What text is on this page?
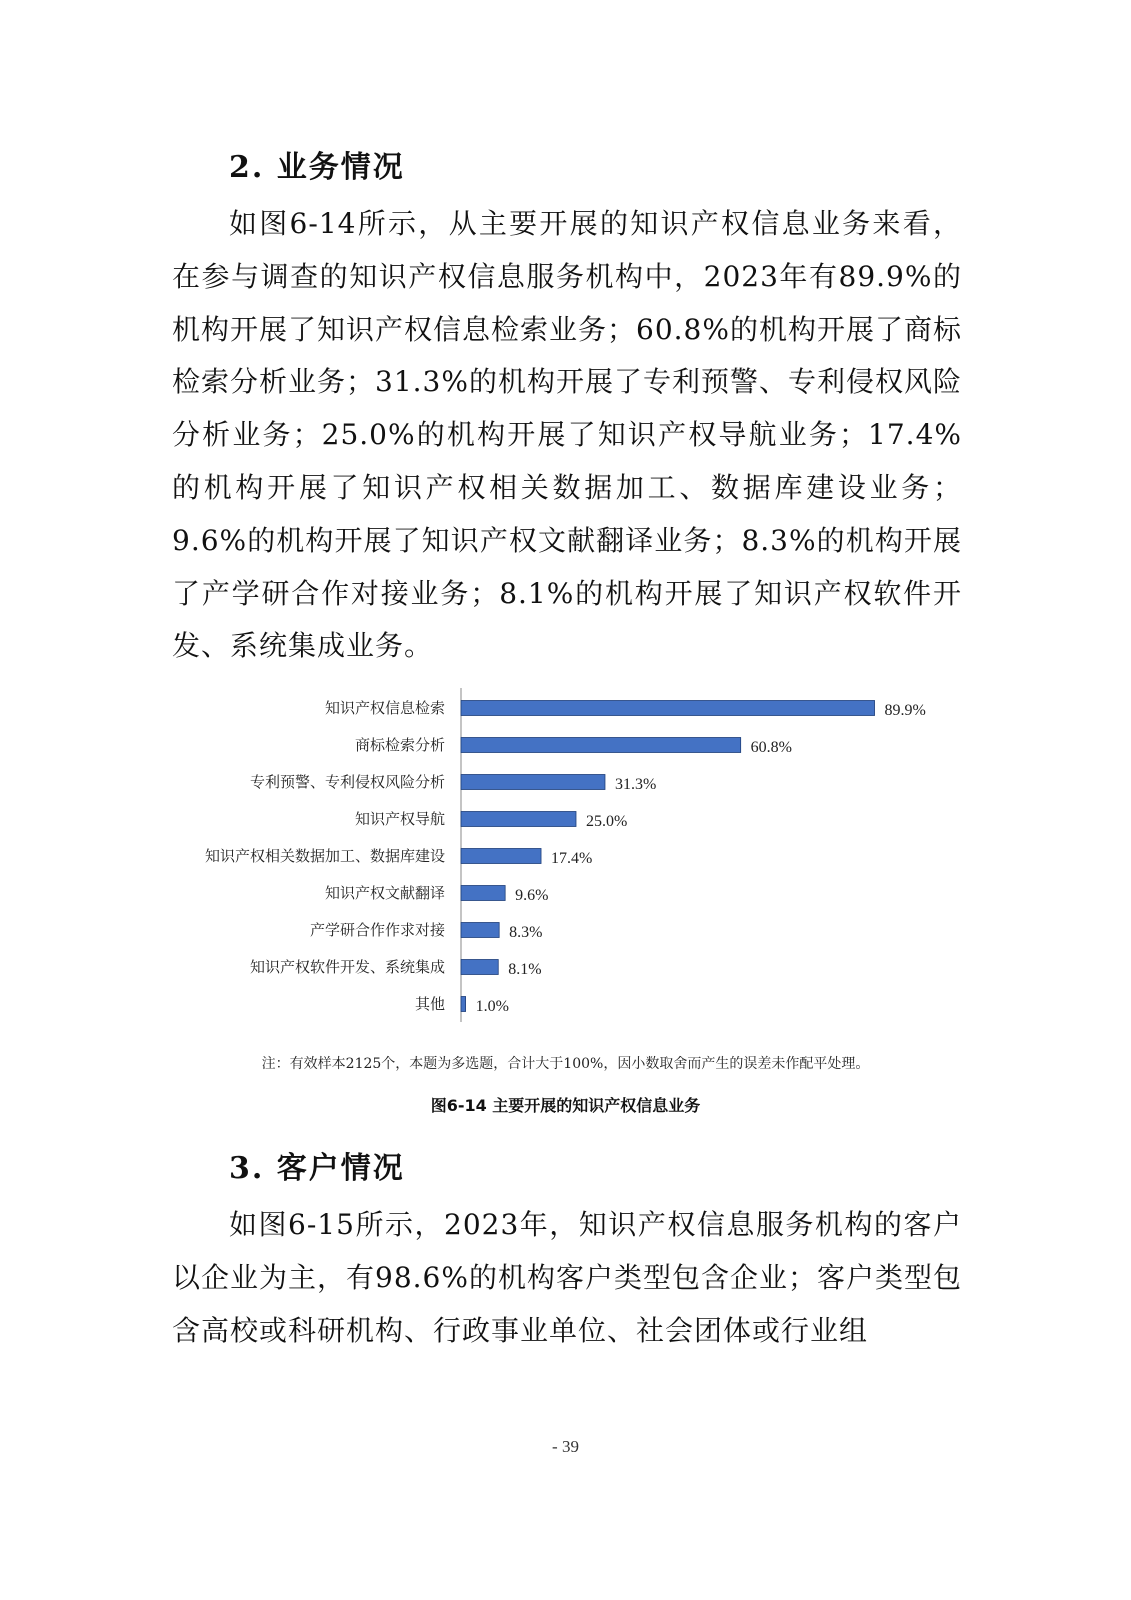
2. 业务情况

如图6-14所示，从主要开展的知识产权信息业务来看，在参与调查的知识产权信息服务机构中，2023年有89.9%的机构开展了知识产权信息检索业务；60.8%的机构开展了商标检索分析业务；31.3%的机构开展了专利预警、专利侵权风险分析业务；25.0%的机构开展了知识产权导航业务；17.4%的机构开展了知识产权相关数据加工、数据库建设业务；9.6%的机构开展了知识产权文献翻译业务；8.3%的机构开展了产学研合作对接业务；8.1%的机构开展了知识产权软件开发、系统集成业务。

知识产权信息检索	89.9%
商标检索分析	60.8%
专利预警、专利侵权风险分析	31.3%
知识产权导航	25.0%
知识产权相关数据加工、数据库建设	17.4%
知识产权文献翻译	9.6%
产学研合作作求对接	8.3%
知识产权软件开发、系统集成	8.1%
其他 1.0%
注：有效样本2125个，本题为多选题，合计大于100%，因小数取舍而产生的误差未作配平处理。
图6-14 主要开展的知识产权信息业务
3. 客户情况

如图6-15所示，2023年，知识产权信息服务机构的客户以企业为主，有98.6%的机构客户类型包含企业；客户类型包含高校或科研机构、行政事业单位、社会团体或行业组

- 39
